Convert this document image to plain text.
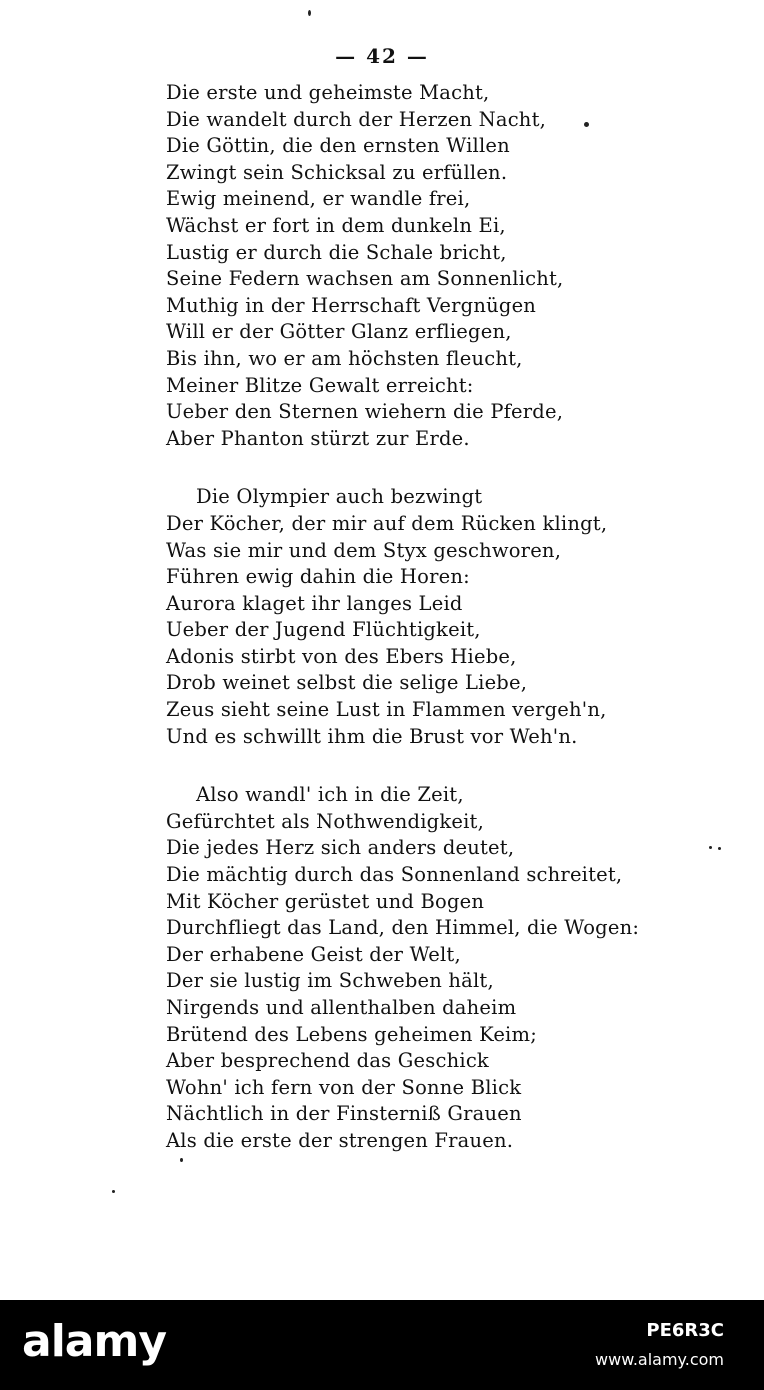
— 42 —
Die erste und geheimste Macht,
Die wandelt durch der Herzen Nacht,
Die Göttin, die den ernsten Willen
Zwingt sein Schicksal zu erfüllen.
Ewig meinend, er wandle frei,
Wächst er fort in dem dunkeln Ei,
Lustig er durch die Schale bricht,
Seine Federn wachsen am Sonnenlicht,
Muthig in der Herrschaft Vergnügen
Will er der Götter Glanz erfliegen,
Bis ihn, wo er am höchsten fleucht,
Meiner Blitze Gewalt erreicht:
Ueber den Sternen wiehern die Pferde,
Aber Phanton stürzt zur Erde.
Die Olympier auch bezwingt
Der Köcher, der mir auf dem Rücken klingt,
Was sie mir und dem Styx geschworen,
Führen ewig dahin die Horen:
Aurora klaget ihr langes Leid
Ueber der Jugend Flüchtigkeit,
Adonis stirbt von des Ebers Hiebe,
Drob weinet selbst die selige Liebe,
Zeus sieht seine Lust in Flammen vergeh'n,
Und es schwillt ihm die Brust vor Weh'n.
Also wandl' ich in die Zeit,
Gefürchtet als Nothwendigkeit,
Die jedes Herz sich anders deutet,
Die mächtig durch das Sonnenland schreitet,
Mit Köcher gerüstet und Bogen
Durchfliegt das Land, den Himmel, die Wogen:
Der erhabene Geist der Welt,
Der sie lustig im Schweben hält,
Nirgends und allenthalben daheim
Brütend des Lebens geheimen Keim;
Aber besprechend das Geschick
Wohn' ich fern von der Sonne Blick
Nächtlich in der Finsterniß Grauen
Als die erste der strengen Frauen.
alamy	PE6R3C
www.alamy.com
